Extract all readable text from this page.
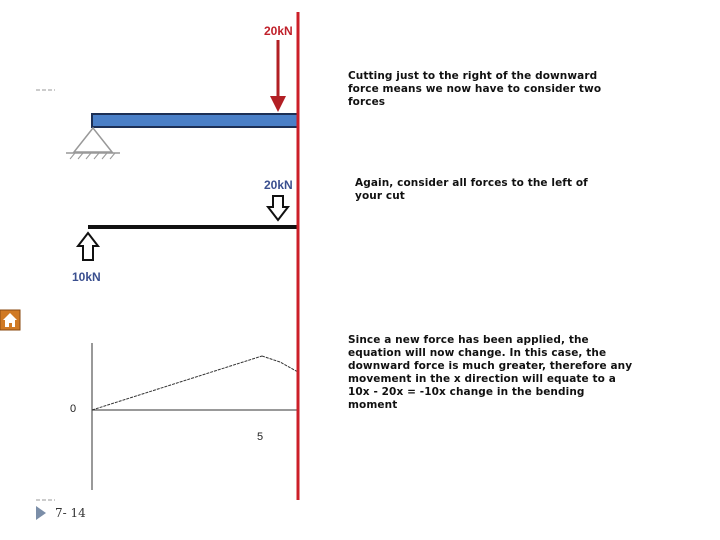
20kN
20kN
10kN
0
5
Cutting just to the right of the downward force means we now have to consider two forces
Again, consider all forces to the left of your cut
Since a new force has been applied, the equation will now change. In this case, the downward force is much greater, therefore any movement in the x direction will equate to a 10x - 20x = -10x change in the bending moment
7- 14
